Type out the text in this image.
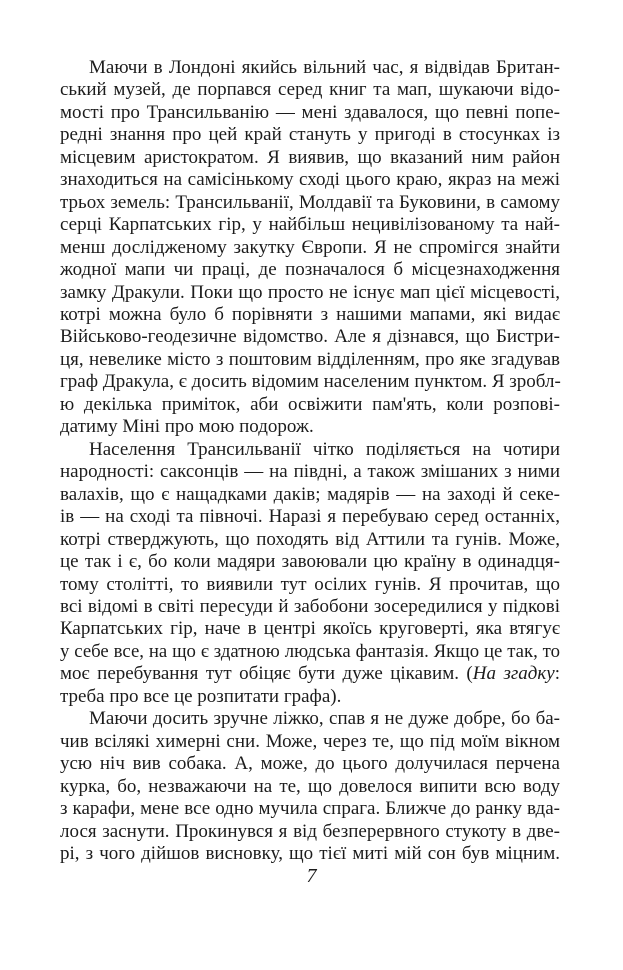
Маючи в Лондоні якийсь вільний час, я відвідав Британ-

ський музей, де порпався серед книг та мап, шукаючи відо-

мості про Трансильванію — мені здавалося, що певні попе-

редні знання про цей край стануть у пригоді в стосунках із

місцевим аристократом. Я виявив, що вказаний ним район

знаходиться на самісінькому сході цього краю, якраз на межі

трьох земель: Трансильванії, Молдавії та Буковини, в самому

серці Карпатських гір, у найбільш нецивілізованому та най-

менш дослідженому закутку Європи. Я не спромігся знайти

жодної мапи чи праці, де позначалося б місцезнаходження

замку Дракули. Поки що просто не існує мап цієї місцевості,

котрі можна було б порівняти з нашими мапами, які видає

Військово-геодезичне відомство. Але я дізнався, що Бистри-

ця, невелике місто з поштовим відділенням, про яке згадував

граф Дракула, є досить відомим населеним пунктом. Я зробл-

ю декілька приміток, аби освіжити пам'ять, коли розпові-

датиму Міні про мою подорож.

Населення Трансильванії чітко поділяється на чотири

народності: саксонців — на півдні, а також змішаних з ними

валахів, що є нащадками даків; мадярів — на заході й секе-

ів — на сході та півночі. Наразі я перебуваю серед останніх,

котрі стверджують, що походять від Аттили та гунів. Може,

це так і є, бо коли мадяри завоювали цю країну в одинадця-

тому столітті, то виявили тут осілих гунів. Я прочитав, що

всі відомі в світі пересуди й забобони зосередилися у підкові

Карпатських гір, наче в центрі якоїсь круговерті, яка втягує

у себе все, на що є здатною людська фантазія. Якщо це так, то

моє перебування тут обіцяє бути дуже цікавим. (На згадку:

треба про все це розпитати графа).

Маючи досить зручне ліжко, спав я не дуже добре, бо ба-

чив всілякі химерні сни. Може, через те, що під моїм вікном

усю ніч вив собака. А, може, до цього долучилася перчена

курка, бо, незважаючи на те, що довелося випити всю воду

з карафи, мене все одно мучила спрага. Ближче до ранку вда-

лося заснути. Прокинувся я від безперервного стукоту в две-

рі, з чого дійшов висновку, що тієї миті мій сон був міцним.

7
